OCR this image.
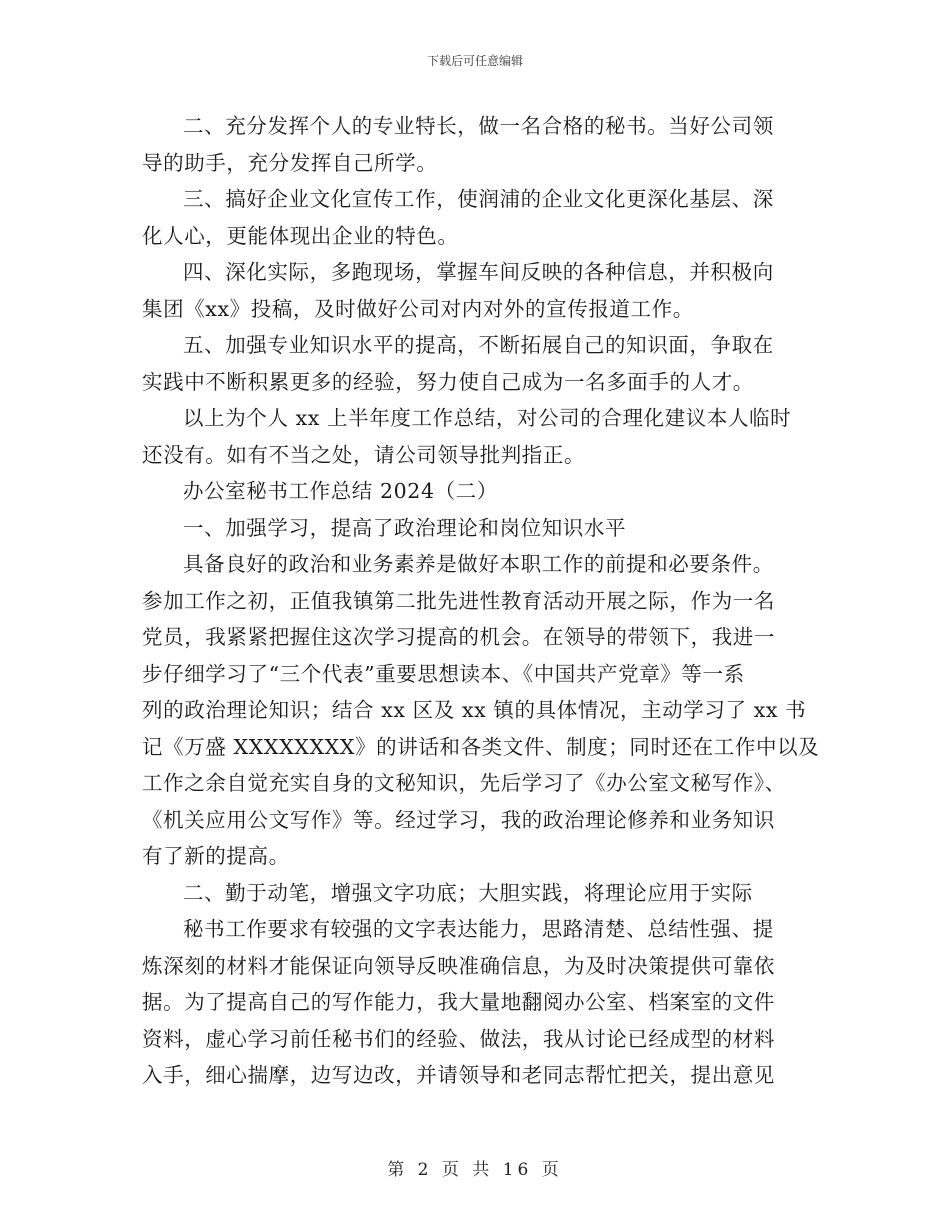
下载后可任意编辑
二、充分发挥个人的专业特长，做一名合格的秘书。当好公司领
导的助手，充分发挥自己所学。
三、搞好企业文化宣传工作，使润浦的企业文化更深化基层、深
化人心，更能体现出企业的特色。
四、深化实际，多跑现场，掌握车间反映的各种信息，并积极向
集团《xx》投稿，及时做好公司对内对外的宣传报道工作。
五、加强专业知识水平的提高，不断拓展自己的知识面，争取在
实践中不断积累更多的经验，努力使自己成为一名多面手的人才。
以上为个人 xx 上半年度工作总结，对公司的合理化建议本人临时
还没有。如有不当之处，请公司领导批判指正。
办公室秘书工作总结 2024（二）
一、加强学习，提高了政治理论和岗位知识水平
具备良好的政治和业务素养是做好本职工作的前提和必要条件。
参加工作之初，正值我镇第二批先进性教育活动开展之际，作为一名
党员，我紧紧把握住这次学习提高的机会。在领导的带领下，我进一
步仔细学习了“三个代表”重要思想读本、《中国共产党章》等一系
列的政治理论知识；结合 xx 区及 xx 镇的具体情况，主动学习了 xx 书
记《万盛 XXXXXXXX》的讲话和各类文件、制度；同时还在工作中以及
工作之余自觉充实自身的文秘知识，先后学习了《办公室文秘写作》、
《机关应用公文写作》等。经过学习，我的政治理论修养和业务知识
有了新的提高。
二、勤于动笔，增强文字功底；大胆实践，将理论应用于实际
秘书工作要求有较强的文字表达能力，思路清楚、总结性强、提
炼深刻的材料才能保证向领导反映准确信息，为及时决策提供可靠依
据。为了提高自己的写作能力，我大量地翻阅办公室、档案室的文件
资料，虚心学习前任秘书们的经验、做法，我从讨论已经成型的材料
入手，细心揣摩，边写边改，并请领导和老同志帮忙把关，提出意见
第 2 页 共 16 页
